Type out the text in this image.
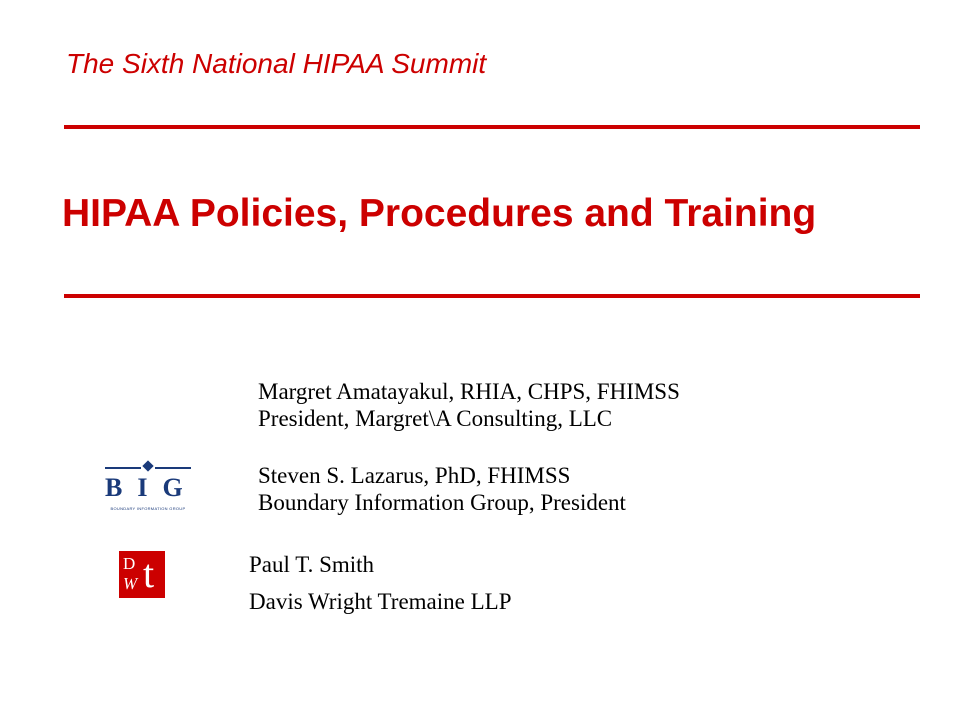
The Sixth National HIPAA Summit
HIPAA Policies, Procedures and Training
Margret Amatayakul, RHIA, CHPS, FHIMSS
President, Margret\A Consulting, LLC
BIG
BOUNDARY INFORMATION GROUP
Steven S. Lazarus, PhD, FHIMSS
Boundary Information Group, President
D
W t	Paul T. Smith
Davis Wright Tremaine LLP
